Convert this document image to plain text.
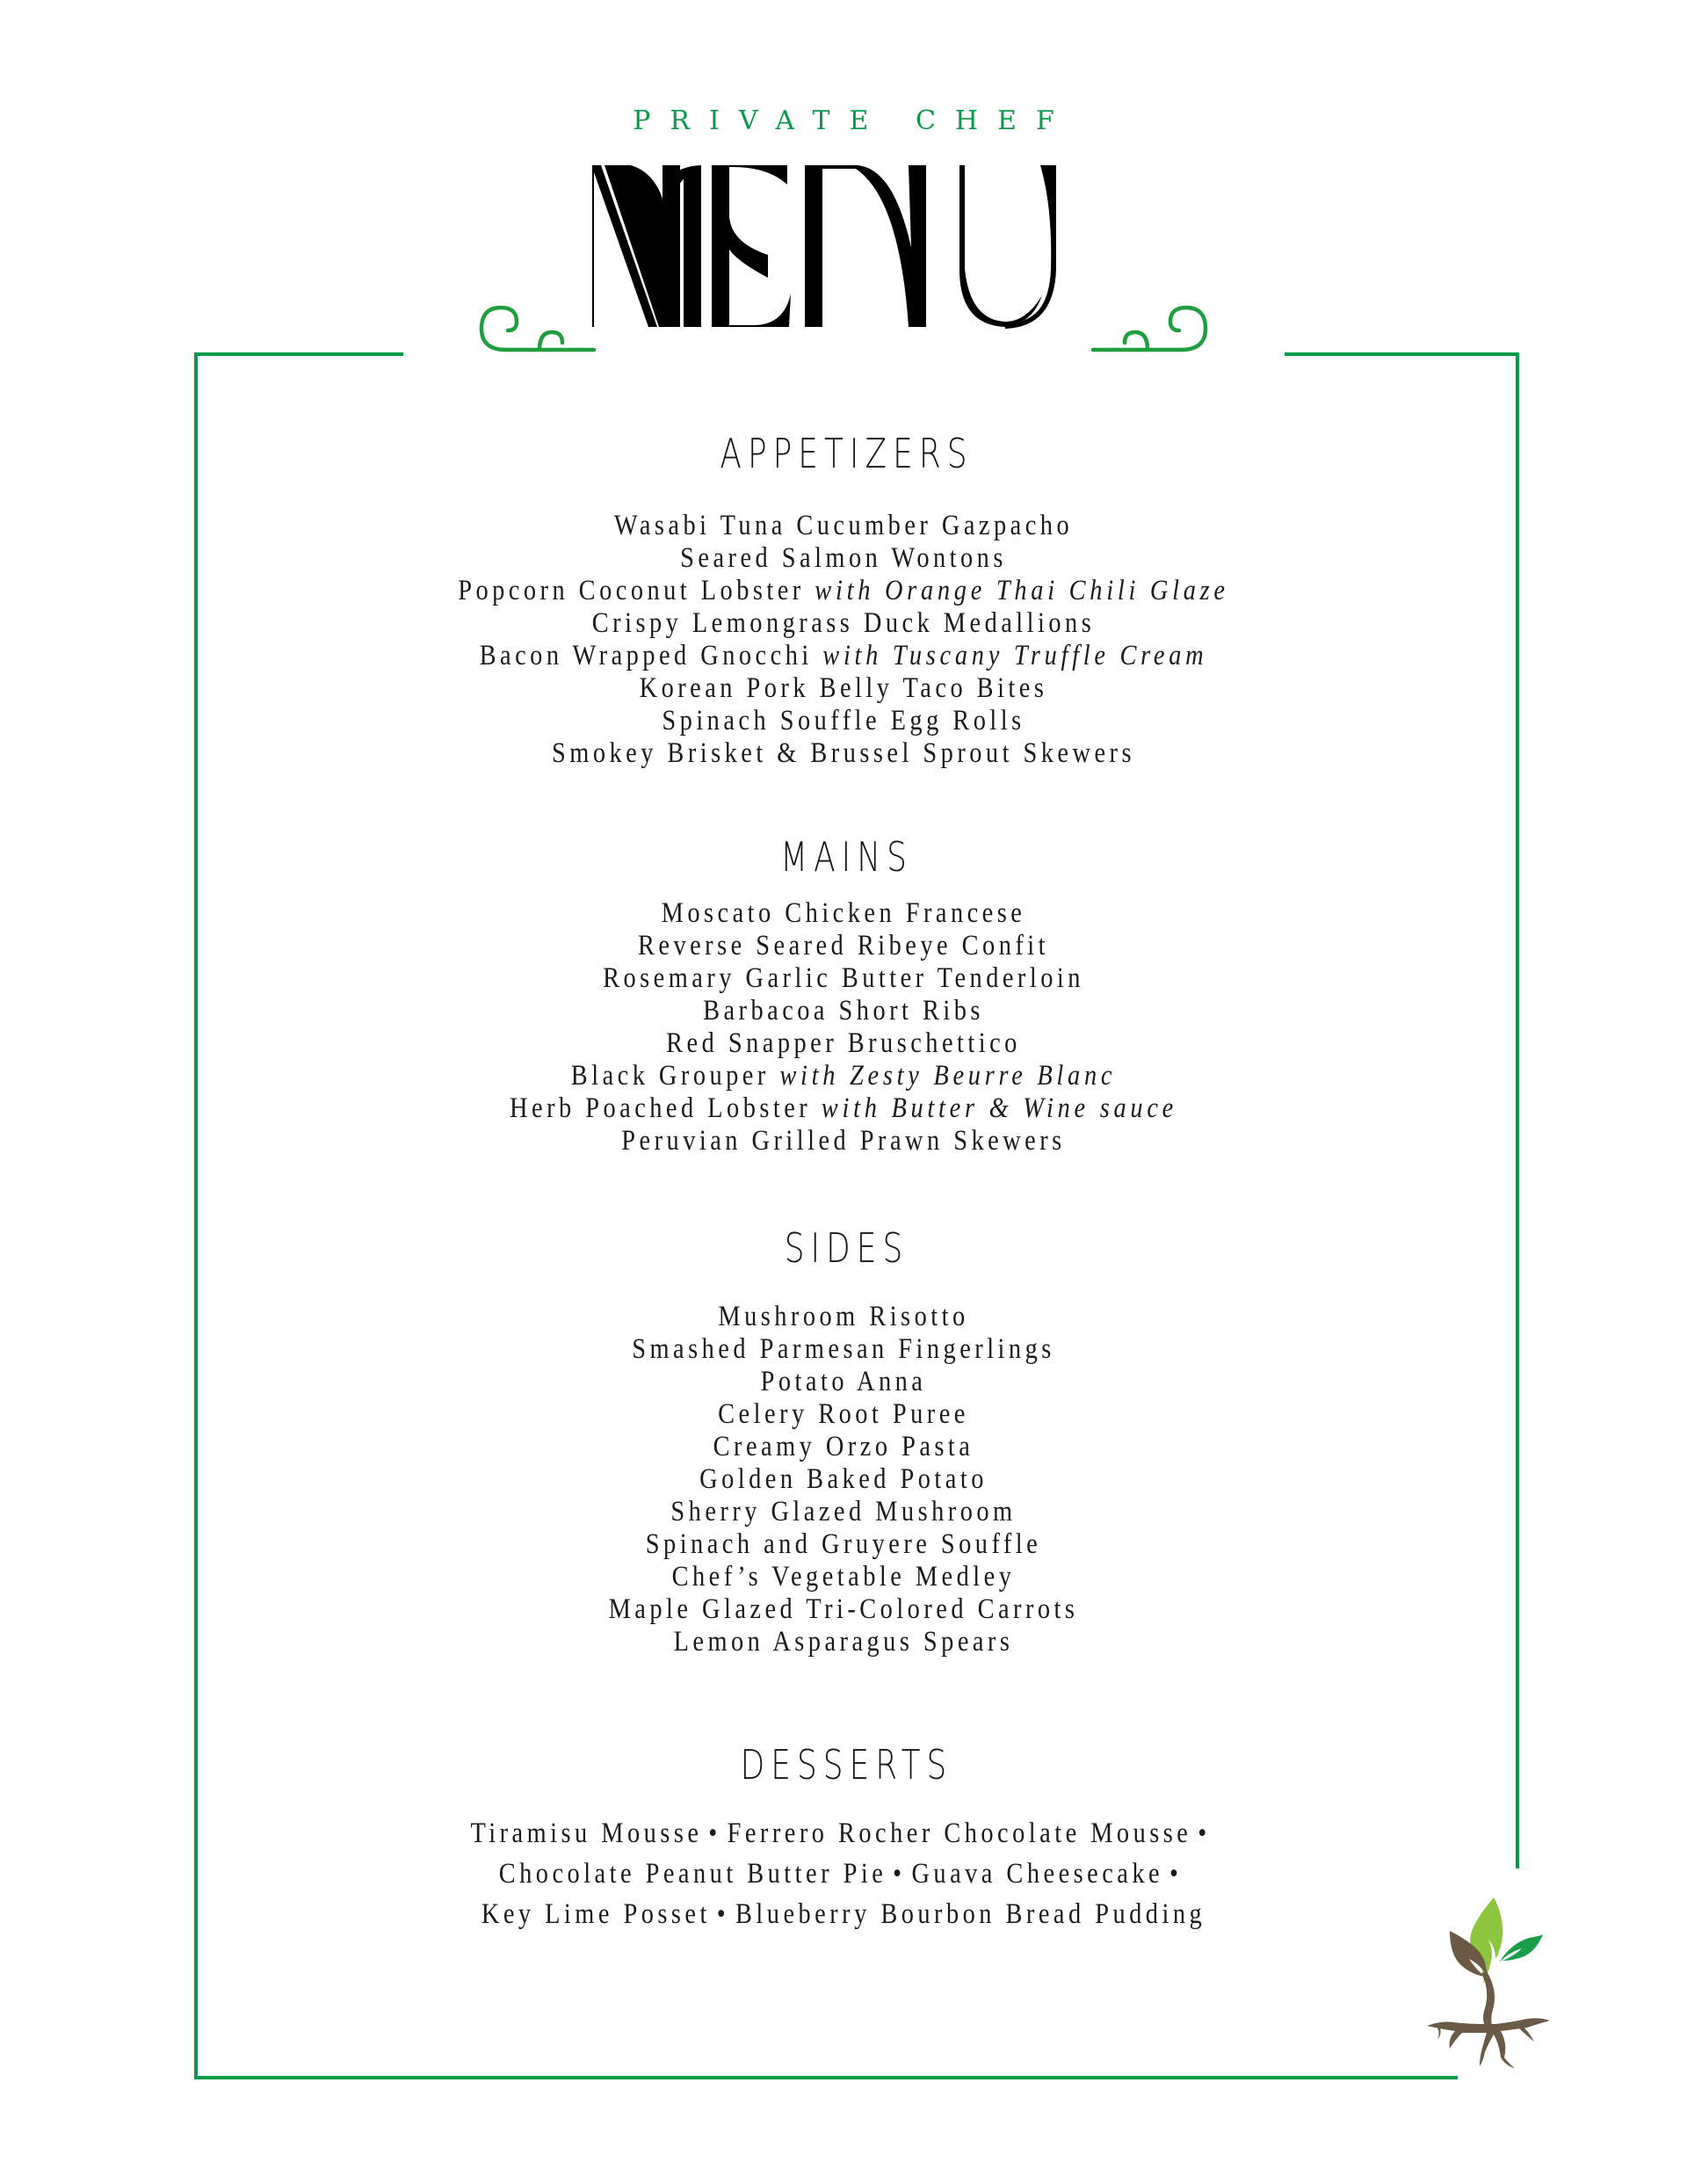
PRIVATE CHEF
APPETIZERS
Wasabi Tuna Cucumber Gazpacho
Seared Salmon Wontons
Popcorn Coconut Lobster with Orange Thai Chili Glaze
Crispy Lemongrass Duck Medallions
Bacon Wrapped Gnocchi with Tuscany Truffle Cream
Korean Pork Belly Taco Bites
Spinach Souffle Egg Rolls
Smokey Brisket & Brussel Sprout Skewers
MAINS
Moscato Chicken Francese
Reverse Seared Ribeye Confit
Rosemary Garlic Butter Tenderloin
Barbacoa Short Ribs
Red Snapper Bruschettico
Black Grouper with Zesty Beurre Blanc
Herb Poached Lobster with Butter & Wine sauce
Peruvian Grilled Prawn Skewers
SIDES
Mushroom Risotto
Smashed Parmesan Fingerlings
Potato Anna
Celery Root Puree
Creamy Orzo Pasta
Golden Baked Potato
Sherry Glazed Mushroom
Spinach and Gruyere Souffle
Chef’s Vegetable Medley
Maple Glazed Tri-Colored Carrots
Lemon Asparagus Spears
DESSERTS
Tiramisu Mousse • Ferrero Rocher Chocolate Mousse •
Chocolate Peanut Butter Pie • Guava Cheesecake •
Key Lime Posset • Blueberry Bourbon Bread Pudding
